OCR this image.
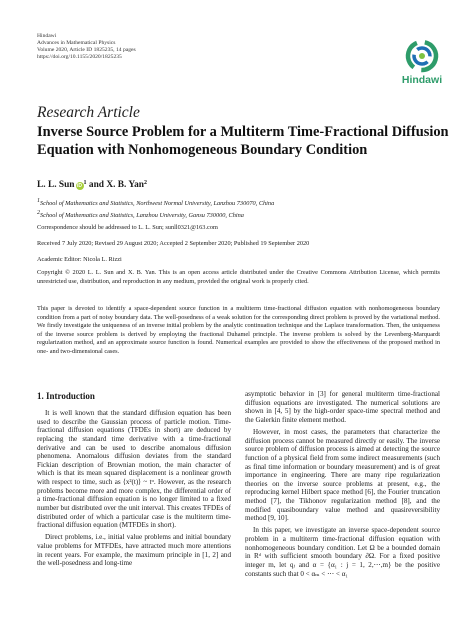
Hindawi
Advances in Mathematical Physics
Volume 2020, Article ID 1825235, 14 pages
https://doi.org/10.1155/2020/1825235
Hindawi
Research Article
Inverse Source Problem for a Multiterm Time-Fractional Diffusion Equation with Nonhomogeneous Boundary Condition
L. L. Sun iD $^1$ and X. B. Yan$^2$
$^1$School of Mathematics and Statistics, Northwest Normal University, Lanzhou 730070, China
$^2$School of Mathematics and Statistics, Lanzhou University, Gansu 730000, China
Correspondence should be addressed to L. L. Sun; sunll0321@163.com
Received 7 July 2020; Revised 29 August 2020; Accepted 2 September 2020; Published 19 September 2020
Academic Editor: Nicola L. Rizzi
Copyright © 2020 L. L. Sun and X. B. Yan. This is an open access article distributed under the Creative Commons Attribution License, which permits unrestricted use, distribution, and reproduction in any medium, provided the original work is properly cited.
This paper is devoted to identify a space-dependent source function in a multiterm time-fractional diffusion equation with nonhomogeneous boundary condition from a part of noisy boundary data. The well-posedness of a weak solution for the corresponding direct problem is proved by the variational method. We firstly investigate the uniqueness of an inverse initial problem by the analytic continuation technique and the Laplace transformation. Then, the uniqueness of the inverse source problem is derived by employing the fractional Duhamel principle. The inverse problem is solved by the Levenberg-Marquardt regularization method, and an approximate source function is found. Numerical examples are provided to show the effectiveness of the proposed method in one- and two-dimensional cases.
1. Introduction

It is well known that the standard diffusion equation has been used to describe the Gaussian process of particle motion. Time-fractional diffusion equations (TFDEs in short) are deduced by replacing the standard time derivative with a time-fractional derivative and can be used to describe anomalous diffusion phenomena. Anomalous diffusion deviates from the standard Fickian description of Brownian motion, the main character of which is that its mean squared displacement is a nonlinear growth with respect to time, such as ⟨x²(t)⟩ ~ tᵅ. However, as the research problems become more and more complex, the differential order of a time-fractional diffusion equation is no longer limited to a fixed number but distributed over the unit interval. This creates TFDEs of distributed order of which a particular case is the multiterm time-fractional diffusion equation (MTFDEs in short).

Direct problems, i.e., initial value problems and initial boundary value problems for MTFDEs, have attracted much more attentions in recent years. For example, the maximum principle in [1, 2] and the well-posedness and long-time

asymptotic behavior in [3] for general multiterm time-fractional diffusion equations are investigated. The numerical solutions are shown in [4, 5] by the high-order space-time spectral method and the Galerkin finite element method.

However, in most cases, the parameters that characterize the diffusion process cannot be measured directly or easily. The inverse source problem of diffusion process is aimed at detecting the source function of a physical field from some indirect measurements (such as final time information or boundary measurement) and is of great importance in engineering. There are many ripe regularization theories on the inverse source problems at present, e.g., the reproducing kernel Hilbert space method [6], the Fourier truncation method [7], the Tikhonov regularization method [8], and the modified quasiboundary value method and quasireversibility method [9, 10].

In this paper, we investigate an inverse space-dependent source problem in a multiterm time-fractional diffusion equation with nonhomogeneous boundary condition. Let Ω be a bounded domain in Rᵈ with sufficient smooth boundary ∂Ω. For a fixed positive integer m, let qⱼ and α = {α₁ : j = 1, 2,⋯,m} be the positive constants such that 0 < αₘ < ⋯ < α₁
